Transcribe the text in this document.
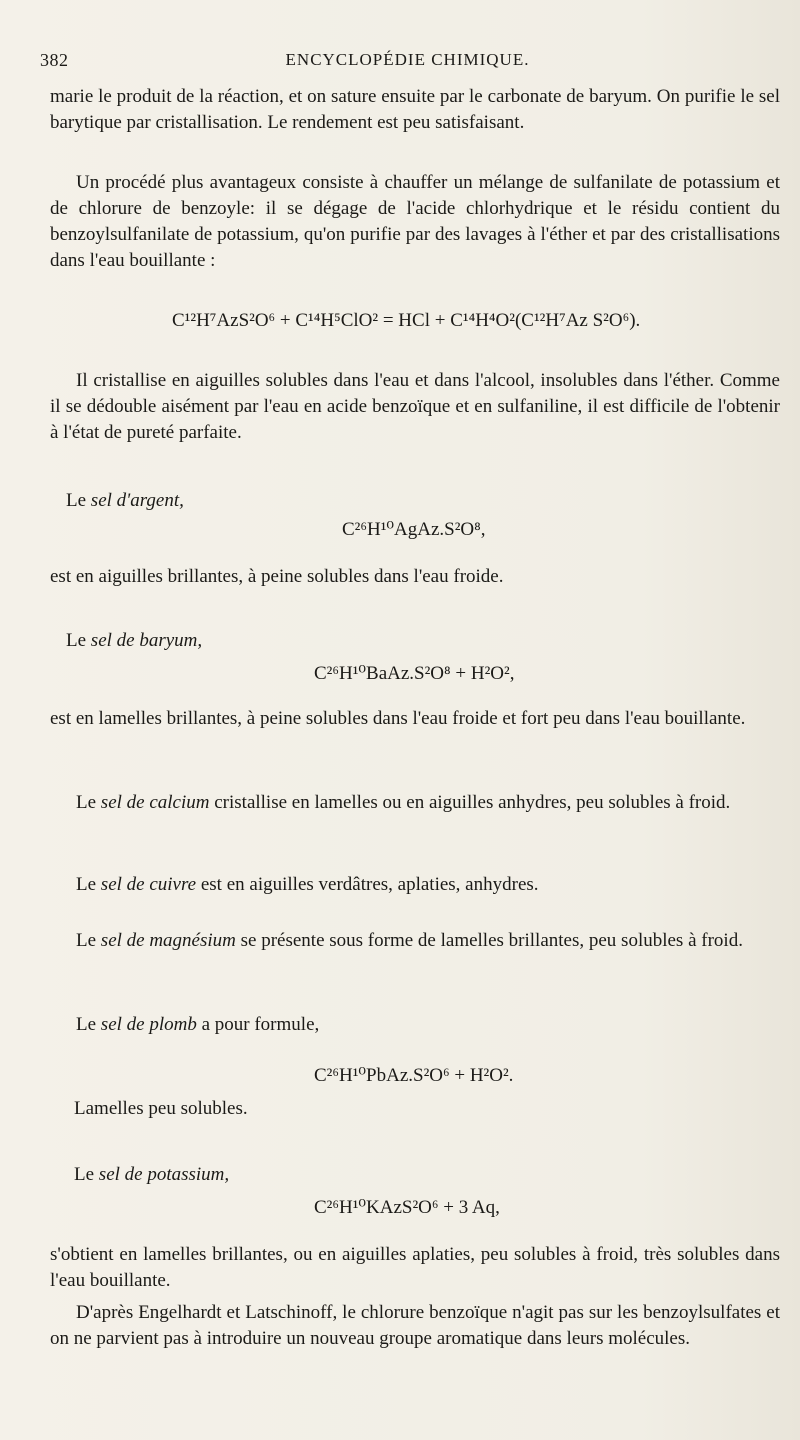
382	ENCYCLOPÉDIE CHIMIQUE.

marie le produit de la réaction, et on sature ensuite par le carbonate de baryum. On purifie le sel barytique par cristallisation. Le rendement est peu satisfaisant.

Un procédé plus avantageux consiste à chauffer un mélange de sulfanilate de potassium et de chlorure de benzoyle: il se dégage de l'acide chlorhydrique et le résidu contient du benzoylsulfanilate de potassium, qu'on purifie par des lavages à l'éther et par des cristallisations dans l'eau bouillante :

C¹²H⁷AzS²O⁶ + C¹⁴H⁵ClO² = HCl + C¹⁴H⁴O²(C¹²H⁷Az S²O⁶).

Il cristallise en aiguilles solubles dans l'eau et dans l'alcool, insolubles dans l'éther. Comme il se dédouble aisément par l'eau en acide benzoïque et en sulfaniline, il est difficile de l'obtenir à l'état de pureté parfaite.

Le sel d'argent,
C²⁶H¹⁰AgAz.S²O⁸,

est en aiguilles brillantes, à peine solubles dans l'eau froide.

Le sel de baryum,
C²⁶H¹⁰BaAz.S²O⁸ + H²O²,

est en lamelles brillantes, à peine solubles dans l'eau froide et fort peu dans l'eau bouillante.

Le sel de calcium cristallise en lamelles ou en aiguilles anhydres, peu solubles à froid.

Le sel de cuivre est en aiguilles verdâtres, aplaties, anhydres.

Le sel de magnésium se présente sous forme de lamelles brillantes, peu solubles à froid.

Le sel de plomb a pour formule,

C²⁶H¹⁰PbAz.S²O⁶ + H²O².
Lamelles peu solubles.
Le sel de potassium,
C²⁶H¹⁰KAzS²O⁶ + 3 Aq,

s'obtient en lamelles brillantes, ou en aiguilles aplaties, peu solubles à froid, très solubles dans l'eau bouillante.

D'après Engelhardt et Latschinoff, le chlorure benzoïque n'agit pas sur les benzoylsulfates et on ne parvient pas à introduire un nouveau groupe aromatique dans leurs molécules.
